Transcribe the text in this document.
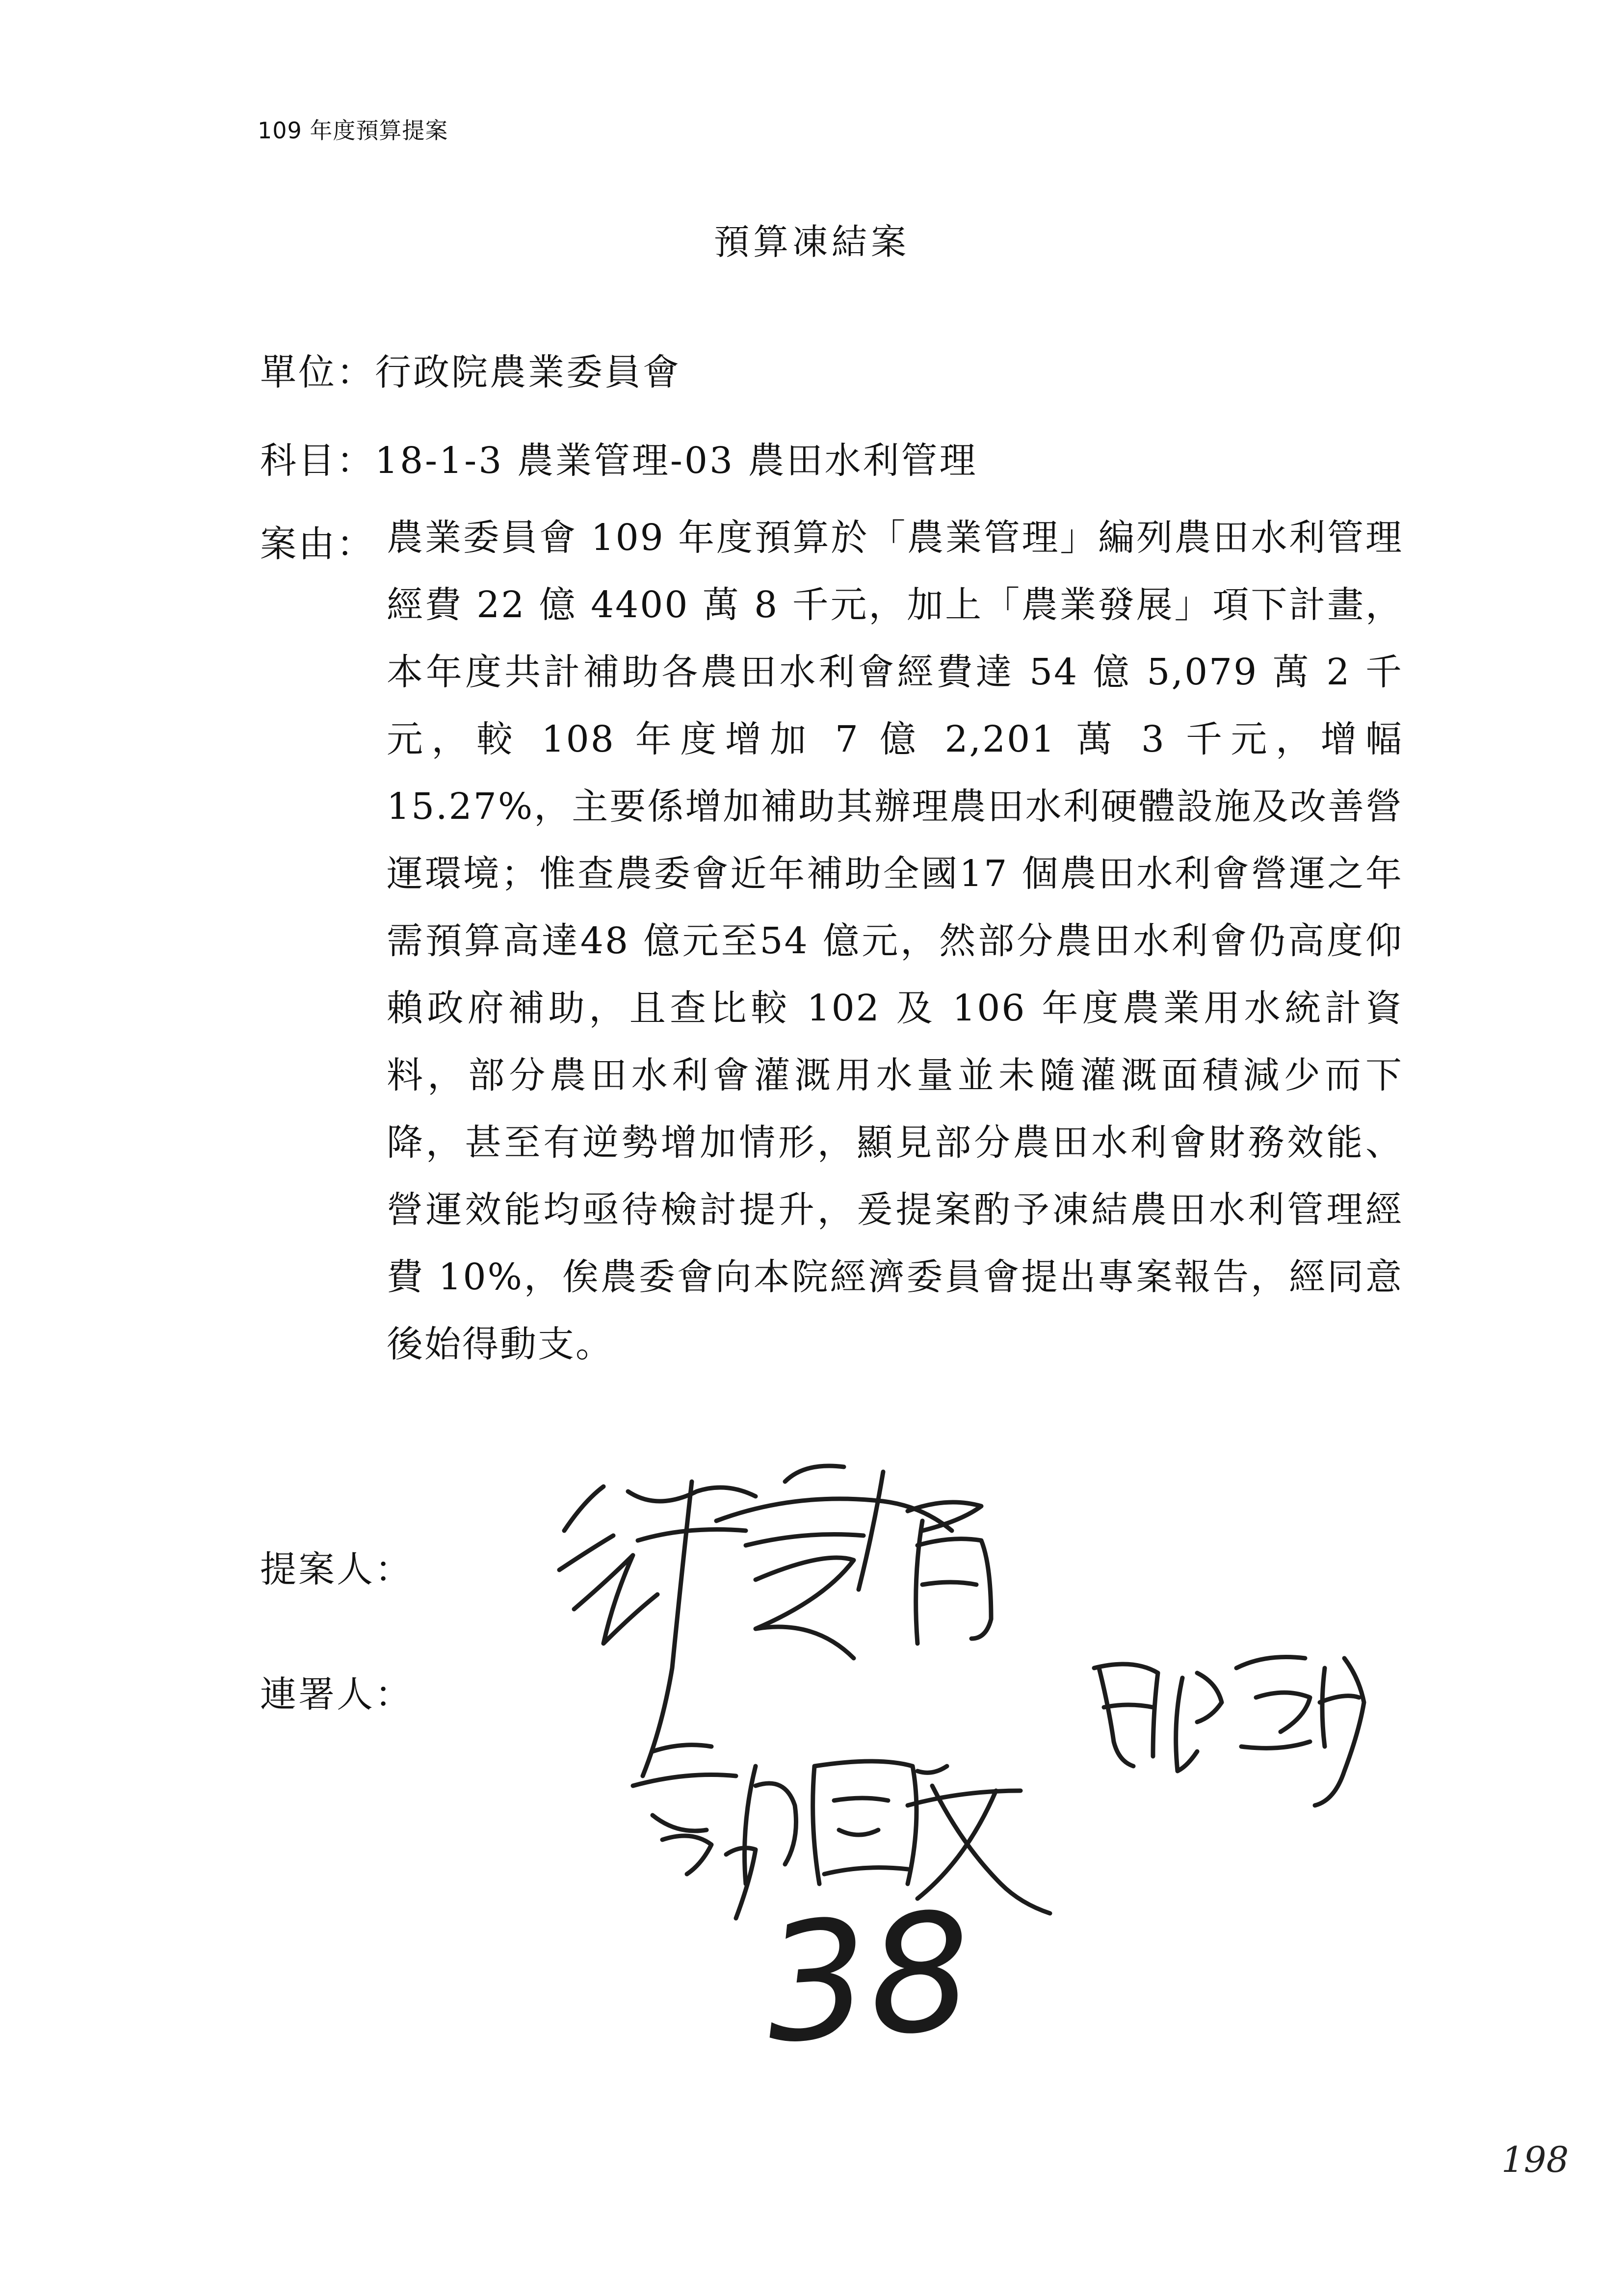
109 年度預算提案
預算凍結案
單位：行政院農業委員會
科目：18-1-3 農業管理-03 農田水利管理
案由： 農業委員會 109 年度預算於「農業管理」編列農田水利管理經費 22 億 4400 萬 8 千元，加上「農業發展」項下計畫，本年度共計補助各農田水利會經費達 54 億 5,079 萬 2 千元，較 108 年度增加 7 億 2,201 萬 3 千元，增幅 15.27%，主要係增加補助其辦理農田水利硬體設施及改善營運環境；惟查農委會近年補助全國17 個農田水利會營運之年需預算高達48 億元至54 億元，然部分農田水利會仍高度仰賴政府補助，且查比較 102 及 106 年度農業用水統計資料，部分農田水利會灌溉用水量並未隨灌溉面積減少而下降，甚至有逆勢增加情形，顯見部分農田水利會財務效能、營運效能均亟待檢討提升，爰提案酌予凍結農田水利管理經費 10%，俟農委會向本院經濟委員會提出專案報告，經同意後始得動支。
提案人：
連署人：
38
198
